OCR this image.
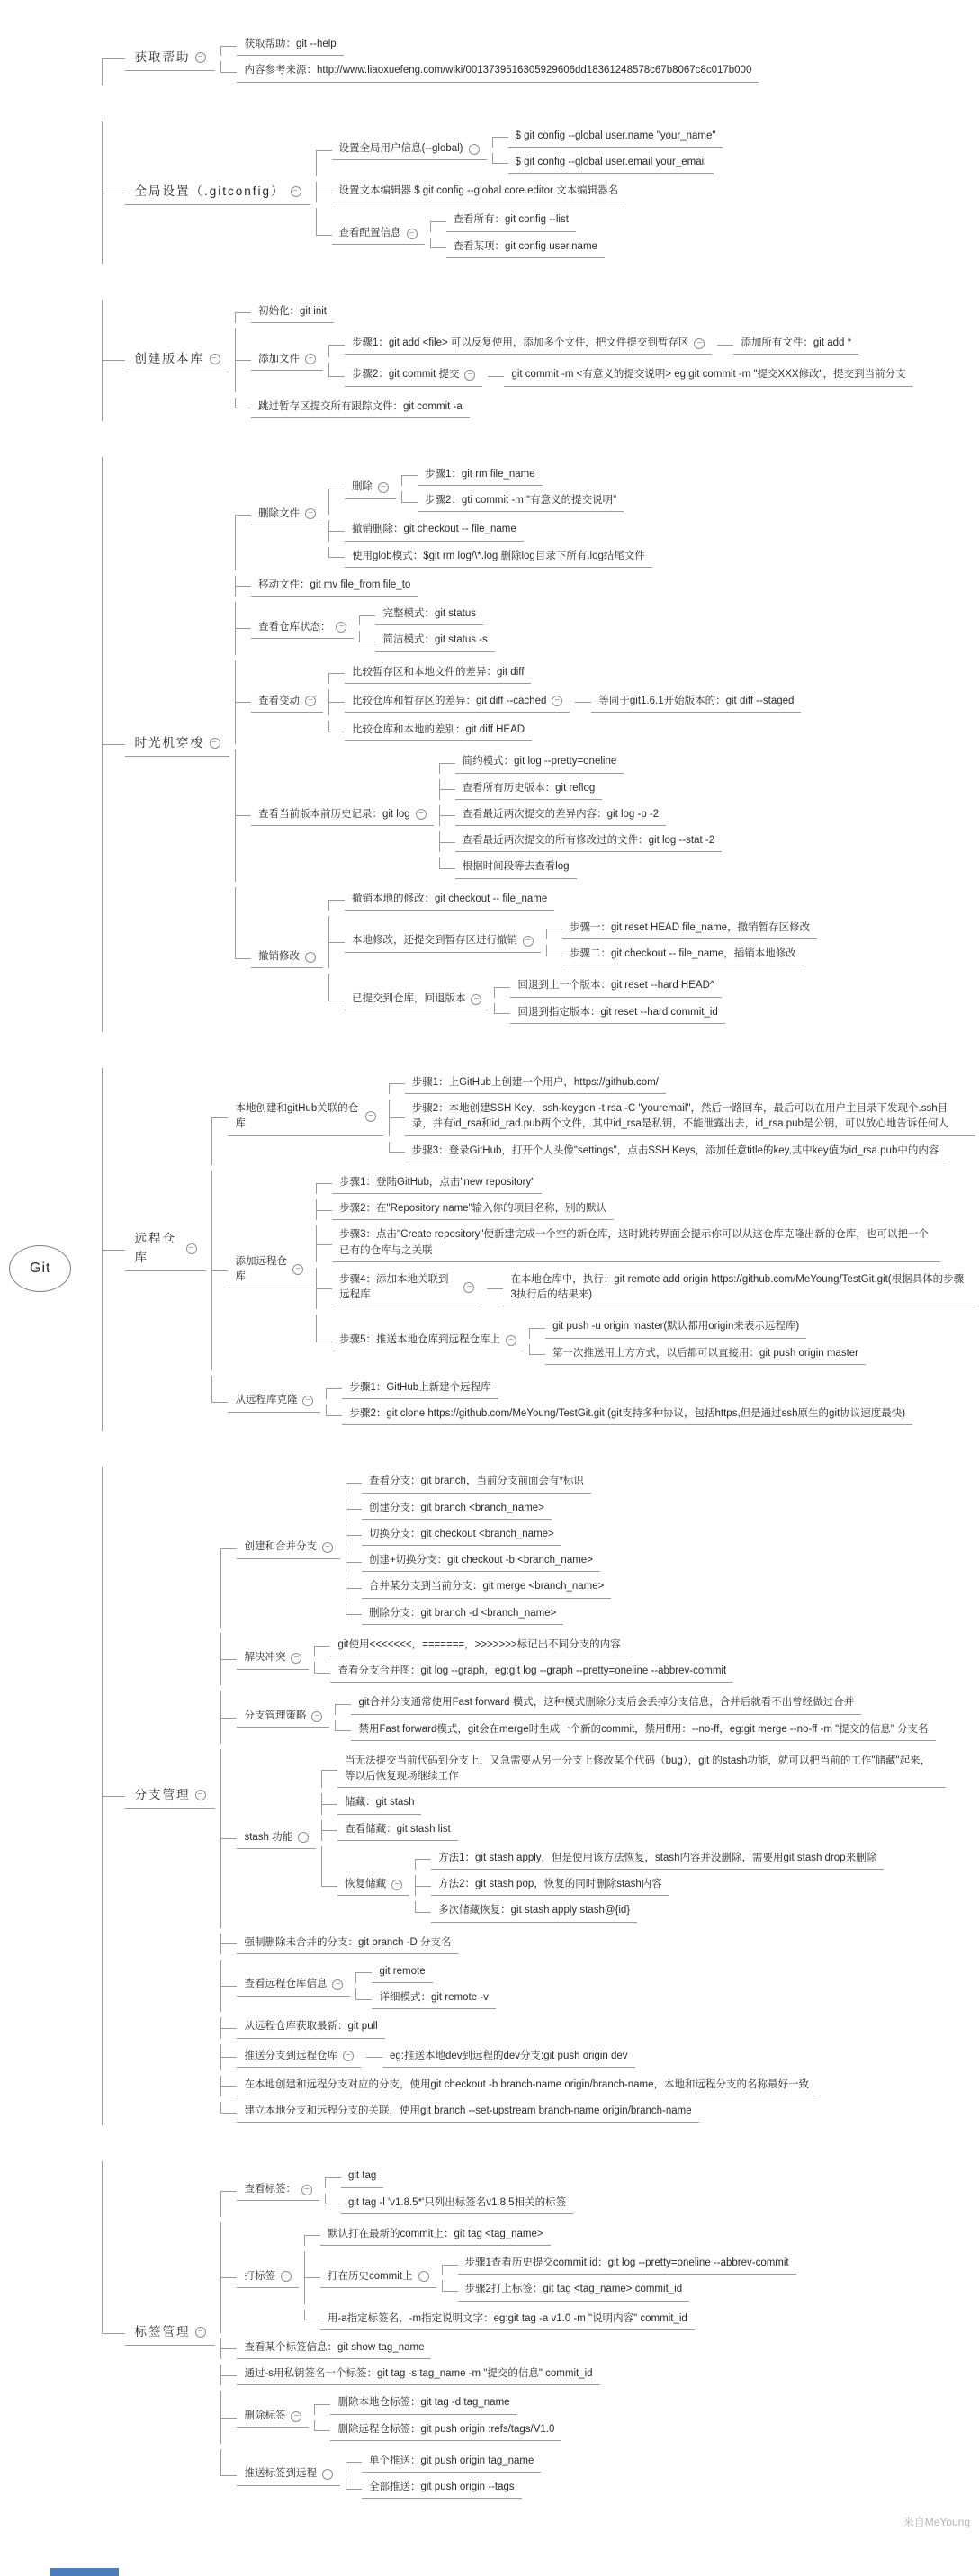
Git
获取帮助 −
获取帮助：git --help
内容参考来源：http://www.liaoxuefeng.com/wiki/0013739516305929606dd18361248578c67b8067c8c017b000
全局设置（.gitconfig） −
设置全局用户信息(--global) −
$ git config --global user.name "your_name"
$ git config --global user.email your_email
设置文本编辑器 $ git config --global core.editor 文本编辑器名
查看配置信息 −
查看所有：git config --list
查看某项：git config user.name
创建版本库 −
初始化：git init
添加文件 −
步骤1：git add <file> 可以反复使用，添加多个文件，把文件提交到暂存区 −	添加所有文件：git add *
步骤2：git commit 提交 −	git commit -m <有意义的提交说明> eg:git commit -m "提交XXX修改"，提交到当前分支
跳过暂存区提交所有跟踪文件：git commit -a
时光机穿梭 −
删除文件 −
删除 −
步骤1：git rm file_name
步骤2：gti commit -m "有意义的提交说明"
撤销删除：git checkout -- file_name
使用glob模式：$git rm log/\*.log 删除log目录下所有.log结尾文件
移动文件：git mv file_from file_to
查看仓库状态： −
完整模式：git status
简洁模式：git status -s
查看变动 −
比较暂存区和本地文件的差异：git diff
比较仓库和暂存区的差异：git diff --cached −	等同于git1.6.1开始版本的：git diff --staged
比较仓库和本地的差别：git diff HEAD
查看当前版本前历史记录：git log −
简约模式：git log --pretty=oneline
查看所有历史版本：git reflog
查看最近两次提交的差异内容：git log -p -2
查看最近两次提交的所有修改过的文件：git log --stat -2
根据时间段等去查看log
撤销修改 −
撤销本地的修改：git checkout -- file_name
本地修改，还提交到暂存区进行撤销 −
步骤一：git reset HEAD file_name，撤销暂存区修改
步骤二：git checkout -- file_name，插销本地修改
已提交到仓库，回退版本 −
回退到上一个版本：git reset --hard HEAD^
回退到指定版本：git reset --hard commit_id
远程仓库
−
本地创建和gitHub关联的仓库
−
步骤1：上GitHub上创建一个用户，https://github.com/
步骤2：本地创建SSH Key，ssh-keygen -t rsa -C "youremail"，然后一路回车，最后可以在用户主目录下发现个.ssh目录，并有id_rsa和id_rad.pub两个文件，其中id_rsa是私钥，不能泄露出去，id_rsa.pub是公钥，可以放心地告诉任何人
步骤3：登录GitHub，打开个人头像"settings"，点击SSH Keys，添加任意title的key,其中key值为id_rsa.pub中的内容
添加远程仓库
−
步骤1：登陆GitHub，点击"new repository"
步骤2：在"Repository name"输入你的项目名称，别的默认
步骤3：点击"Create repository"便新建完成一个空的新仓库，这时跳转界面会提示你可以从这仓库克隆出新的仓库，也可以把一个已有的仓库与之关联
步骤4：添加本地关联到远程库
−
在本地仓库中，执行：git remote add origin https://github.com/MeYoung/TestGit.git(根据具体的步骤3执行后的结果来)
步骤5：推送本地仓库到远程仓库上 −
git push -u origin master(默认都用origin来表示远程库)
第一次推送用上方方式，以后都可以直接用：git push origin master
从远程库克隆 −
步骤1：GitHub上新建个远程库
步骤2：git clone https://github.com/MeYoung/TestGit.git (git支持多种协议，包括https,但是通过ssh原生的git协议速度最快)
分支管理 −
创建和合并分支 −
查看分支：git branch，当前分支前面会有*标识
创建分支：git branch <branch_name>
切换分支：git checkout <branch_name>
创建+切换分支：git checkout -b <branch_name>
合并某分支到当前分支：git merge <branch_name>
删除分支：git branch -d <branch_name>
解决冲突 −
git使用<<<<<<<，=======，>>>>>>>标记出不同分支的内容
查看分支合并图：git log --graph，eg:git log --graph --pretty=oneline --abbrev-commit
分支管理策略 −
git合并分支通常使用Fast forward 模式，这种模式删除分支后会丢掉分支信息，合并后就看不出曾经做过合并
禁用Fast forward模式，git会在merge时生成一个新的commit，禁用ff用：--no-ff，eg:git merge --no-ff -m "提交的信息" 分支名
stash 功能 −
当无法提交当前代码到分支上，又急需要从另一分支上修改某个代码（bug），git 的stash功能，就可以把当前的工作"储藏"起来，等以后恢复现场继续工作
储藏：git stash
查看储藏：git stash list
恢复储藏 −
方法1：git stash apply，但是使用该方法恢复，stash内容并没删除，需要用git stash drop来删除
方法2：git stash pop，恢复的同时删除stash内容
多次储藏恢复：git stash apply stash@{id}
强制删除未合并的分支：git branch -D 分支名
查看远程仓库信息 −
git remote
详细模式：git remote -v
从远程仓库获取最新：git pull
推送分支到远程仓库 −	eg:推送本地dev到远程的dev分支:git push origin dev
在本地创建和远程分支对应的分支，使用git checkout -b branch-name origin/branch-name，本地和远程分支的名称最好一致
建立本地分支和远程分支的关联，使用git branch --set-upstream branch-name origin/branch-name
标签管理 −
查看标签： −
git tag
git tag -l 'v1.8.5*'只列出标签名v1.8.5相关的标签
打标签 −
默认打在最新的commit上：git tag <tag_name>
打在历史commit上 −
步骤1查看历史提交commit id：git log --pretty=oneline --abbrev-commit
步骤2打上标签：git tag <tag_name> commit_id
用-a指定标签名，-m指定说明文字：eg:git tag -a v1.0 -m "说明内容" commit_id
查看某个标签信息：git show tag_name
通过-s用私钥签名一个标签：git tag -s tag_name -m "提交的信息" commit_id
删除标签 −
删除本地仓标签：git tag -d tag_name
删除远程仓标签：git push origin :refs/tags/V1.0
推送标签到远程 −
单个推送：git push origin tag_name
全部推送：git push origin --tags
来自MeYoung
